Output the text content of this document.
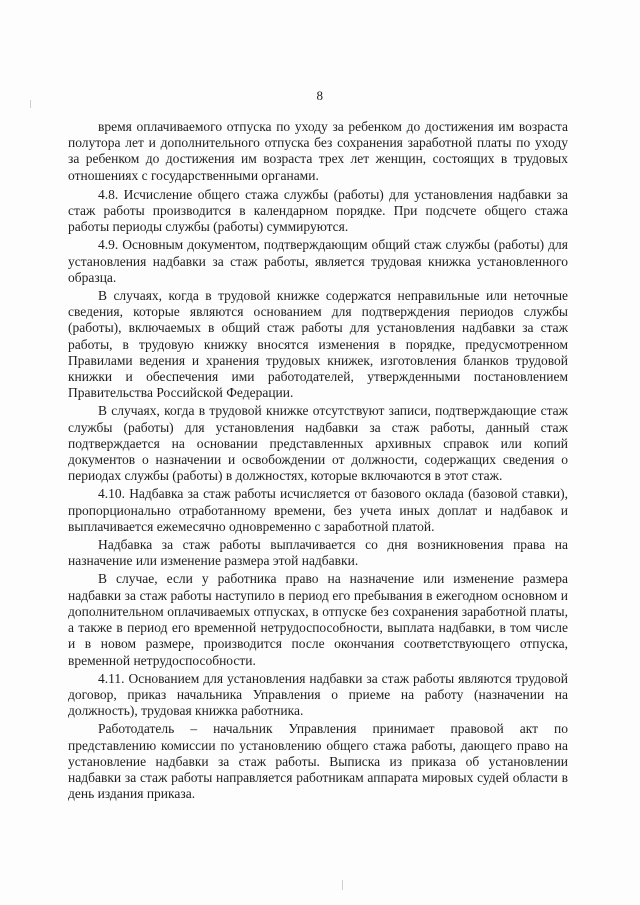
8

время оплачиваемого отпуска по уходу за ребенком до достижения им возраста полутора лет и дополнительного отпуска без сохранения заработной платы по уходу за ребенком до достижения им возраста трех лет женщин, состоящих в трудовых отношениях с государственными органами.

4.8. Исчисление общего стажа службы (работы) для установления надбавки за стаж работы производится в календарном порядке. При подсчете общего стажа работы периоды службы (работы) суммируются.

4.9. Основным документом, подтверждающим общий стаж службы (работы) для установления надбавки за стаж работы, является трудовая книжка установленного образца.

В случаях, когда в трудовой книжке содержатся неправильные или неточные сведения, которые являются основанием для подтверждения периодов службы (работы), включаемых в общий стаж работы для установления надбавки за стаж работы, в трудовую книжку вносятся изменения в порядке, предусмотренном Правилами ведения и хранения трудовых книжек, изготовления бланков трудовой книжки и обеспечения ими работодателей, утвержденными постановлением Правительства Российской Федерации.

В случаях, когда в трудовой книжке отсутствуют записи, подтверждающие стаж службы (работы) для установления надбавки за стаж работы, данный стаж подтверждается на основании представленных архивных справок или копий документов о назначении и освобождении от должности, содержащих сведения о периодах службы (работы) в должностях, которые включаются в этот стаж.

4.10. Надбавка за стаж работы исчисляется от базового оклада (базовой ставки), пропорционально отработанному времени, без учета иных доплат и надбавок и выплачивается ежемесячно одновременно с заработной платой.

Надбавка за стаж работы выплачивается со дня возникновения права на назначение или изменение размера этой надбавки.

В случае, если у работника право на назначение или изменение размера надбавки за стаж работы наступило в период его пребывания в ежегодном основном и дополнительном оплачиваемых отпусках, в отпуске без сохранения заработной платы, а также в период его временной нетрудоспособности, выплата надбавки, в том числе и в новом размере, производится после окончания соответствующего отпуска, временной нетрудоспособности.

4.11. Основанием для установления надбавки за стаж работы являются трудовой договор, приказ начальника Управления о приеме на работу (назначении на должность), трудовая книжка работника.

Работодатель – начальник Управления принимает правовой акт по представлению комиссии по установлению общего стажа работы, дающего право на установление надбавки за стаж работы. Выписка из приказа об установлении надбавки за стаж работы направляется работникам аппарата мировых судей области в день издания приказа.
